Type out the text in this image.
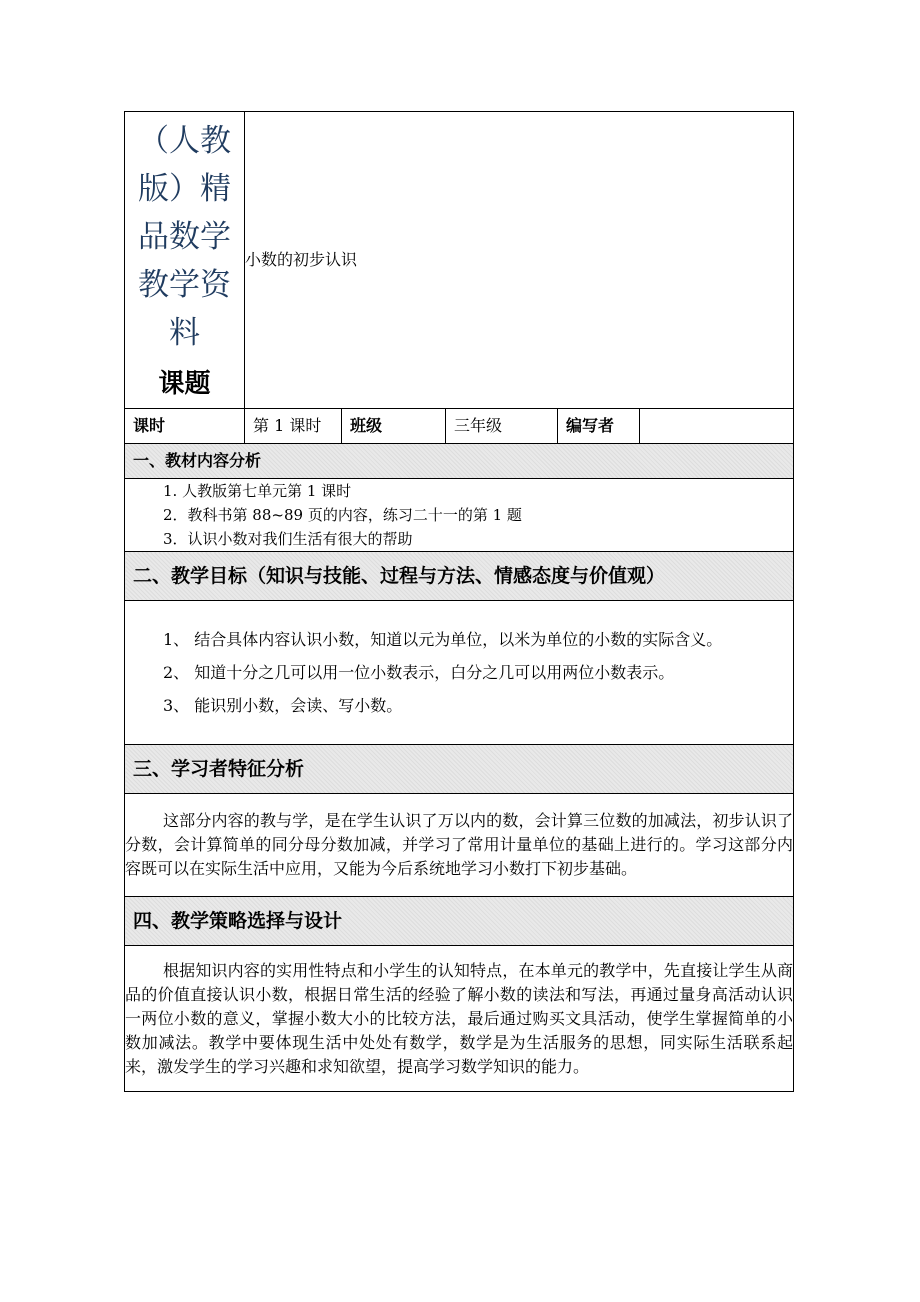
（人教版）精品数学教学资料
课题	小数的初步认识				
课时	第 1 课时	班级	三年级	编写者	
一、教材内容分析					

1. 人教版第七单元第 1 课时

2．教科书第 88~89 页的内容，练习二十一的第 1 题

3．认识小数对我们生活有很大的帮助					

二、教学目标（知识与技能、过程与方法、情感态度与价值观）					

1、 结合具体内容认识小数，知道以元为单位，以米为单位的小数的实际含义。

2、 知道十分之几可以用一位小数表示，白分之几可以用两位小数表示。

3、 能识别小数，会读、写小数。					

三、学习者特征分析					

这部分内容的教与学，是在学生认识了万以内的数，会计算三位数的加减法，初步认识了分数，会计算简单的同分母分数加减，并学习了常用计量单位的基础上进行的。学习这部分内容既可以在实际生活中应用，又能为今后系统地学习小数打下初步基础。					

四、教学策略选择与设计					

根据知识内容的实用性特点和小学生的认知特点，在本单元的教学中，先直接让学生从商品的价值直接认识小数，根据日常生活的经验了解小数的读法和写法，再通过量身高活动认识一两位小数的意义，掌握小数大小的比较方法，最后通过购买文具活动，使学生掌握简单的小数加减法。教学中要体现生活中处处有数学，数学是为生活服务的思想，同实际生活联系起来，激发学生的学习兴趣和求知欲望，提高学习数学知识的能力。					
